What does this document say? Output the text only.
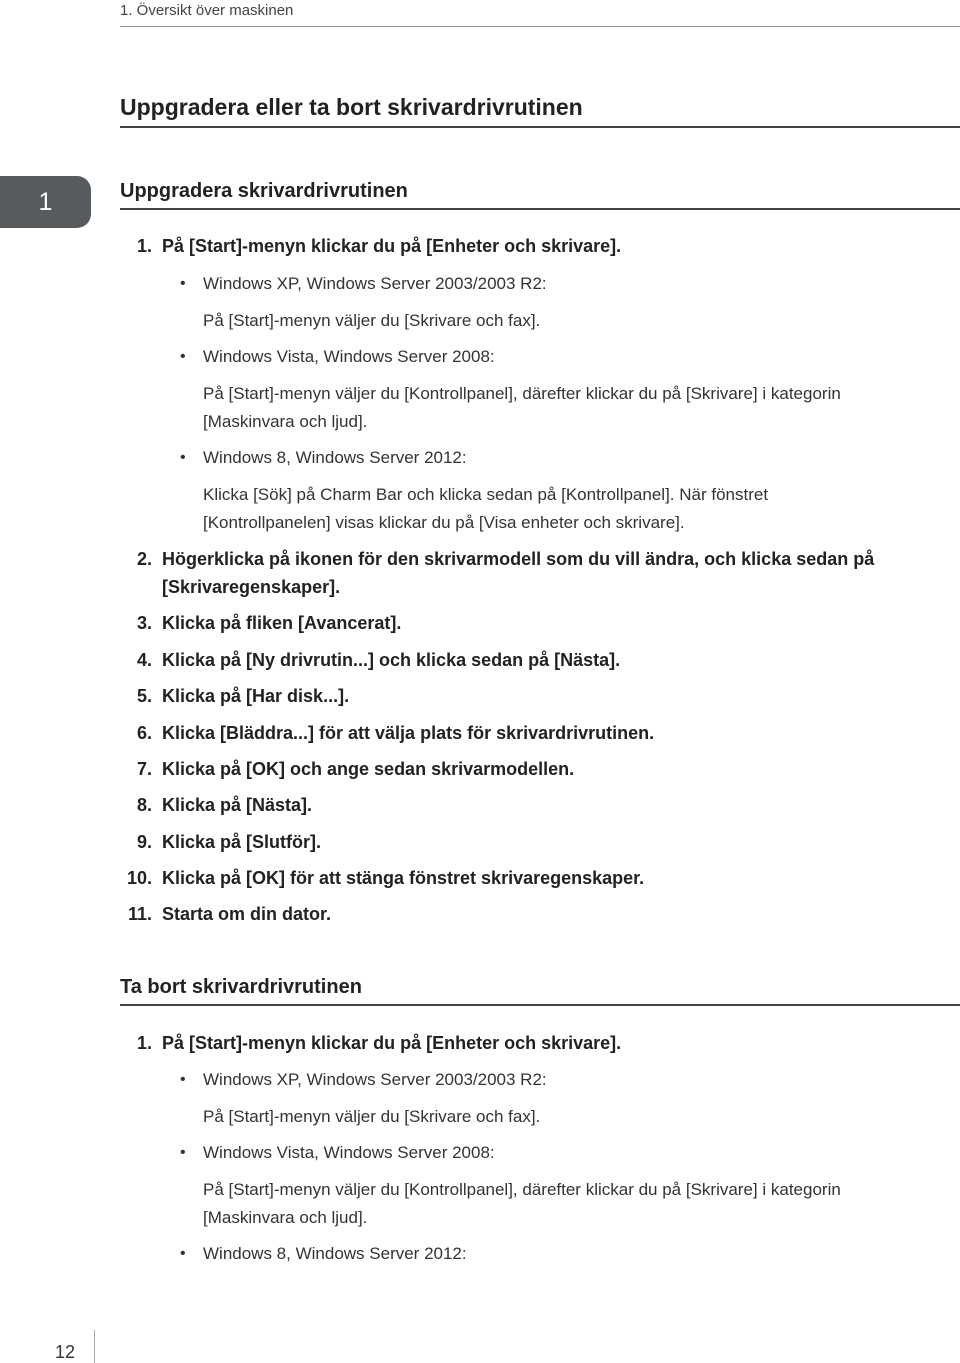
1. Översikt över maskinen
Uppgradera eller ta bort skrivardrivrutinen
1	Uppgradera skrivardrivrutinen
1. På [Start]-menyn klickar du på [Enheter och skrivare].
• Windows XP, Windows Server 2003/2003 R2:
På [Start]-menyn väljer du [Skrivare och fax].
• Windows Vista, Windows Server 2008:
På [Start]-menyn väljer du [Kontrollpanel], därefter klickar du på [Skrivare] i kategorin
[Maskinvara och ljud].
• Windows 8, Windows Server 2012:
Klicka [Sök] på Charm Bar och klicka sedan på [Kontrollpanel]. När fönstret
[Kontrollpanelen] visas klickar du på [Visa enheter och skrivare].
2. Högerklicka på ikonen för den skrivarmodell som du vill ändra, och klicka sedan på
[Skrivaregenskaper].
3. Klicka på fliken [Avancerat].
4. Klicka på [Ny drivrutin...] och klicka sedan på [Nästa].
5. Klicka på [Har disk...].
6. Klicka [Bläddra...] för att välja plats för skrivardrivrutinen.
7. Klicka på [OK] och ange sedan skrivarmodellen.
8. Klicka på [Nästa].
9. Klicka på [Slutför].
10. Klicka på [OK] för att stänga fönstret skrivaregenskaper.
11. Starta om din dator.
Ta bort skrivardrivrutinen
1. På [Start]-menyn klickar du på [Enheter och skrivare].
• Windows XP, Windows Server 2003/2003 R2:
På [Start]-menyn väljer du [Skrivare och fax].
• Windows Vista, Windows Server 2008:
På [Start]-menyn väljer du [Kontrollpanel], därefter klickar du på [Skrivare] i kategorin
[Maskinvara och ljud].
• Windows 8, Windows Server 2012:
12
